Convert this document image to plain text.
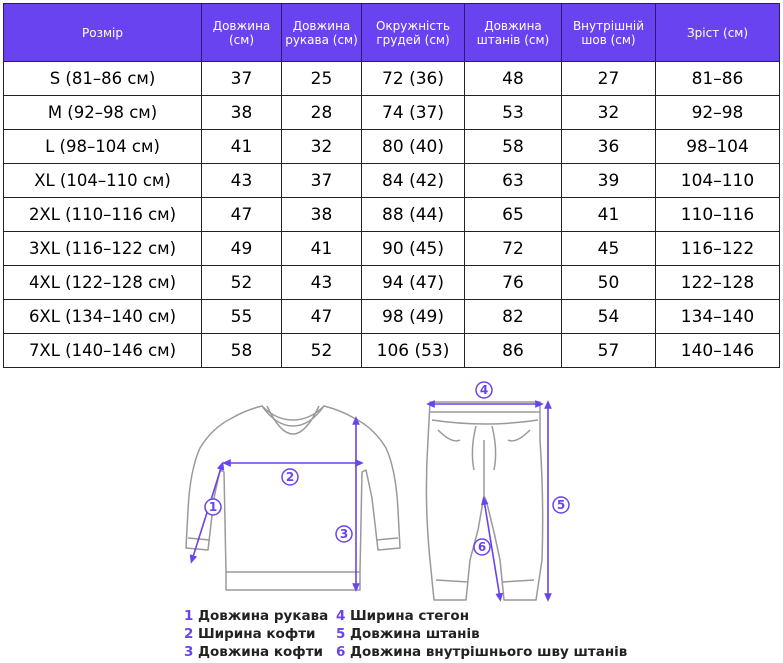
Розмір	Довжина (см)	Довжина рукава (см)	Окружність грудей (см)	Довжина штанів (см)	Внутрішній шов (см)	Зріст (см)
S (81–86 см)	37	25	72 (36)	48	27	81–86
M (92–98 см)	38	28	74 (37)	53	32	92–98
L (98–104 см)	41	32	80 (40)	58	36	98–104
XL (104–110 см)	43	37	84 (42)	63	39	104–110
2XL (110–116 см)	47	38	88 (44)	65	41	110–116
3XL (116–122 см)	49	41	90 (45)	72	45	116–122
4XL (122–128 см)	52	43	94 (47)	76	50	122–128
6XL (134–140 см)	55	47	98 (49)	82	54	134–140
7XL (140–146 см)	58	52	106 (53)	86	57	140–146
1
2
3
4
5
6
1 Довжина рукава
2 Ширина кофти
3 Довжина кофти
4 Ширина стегон
5 Довжина штанів
6 Довжина внутрішнього шву штанів
